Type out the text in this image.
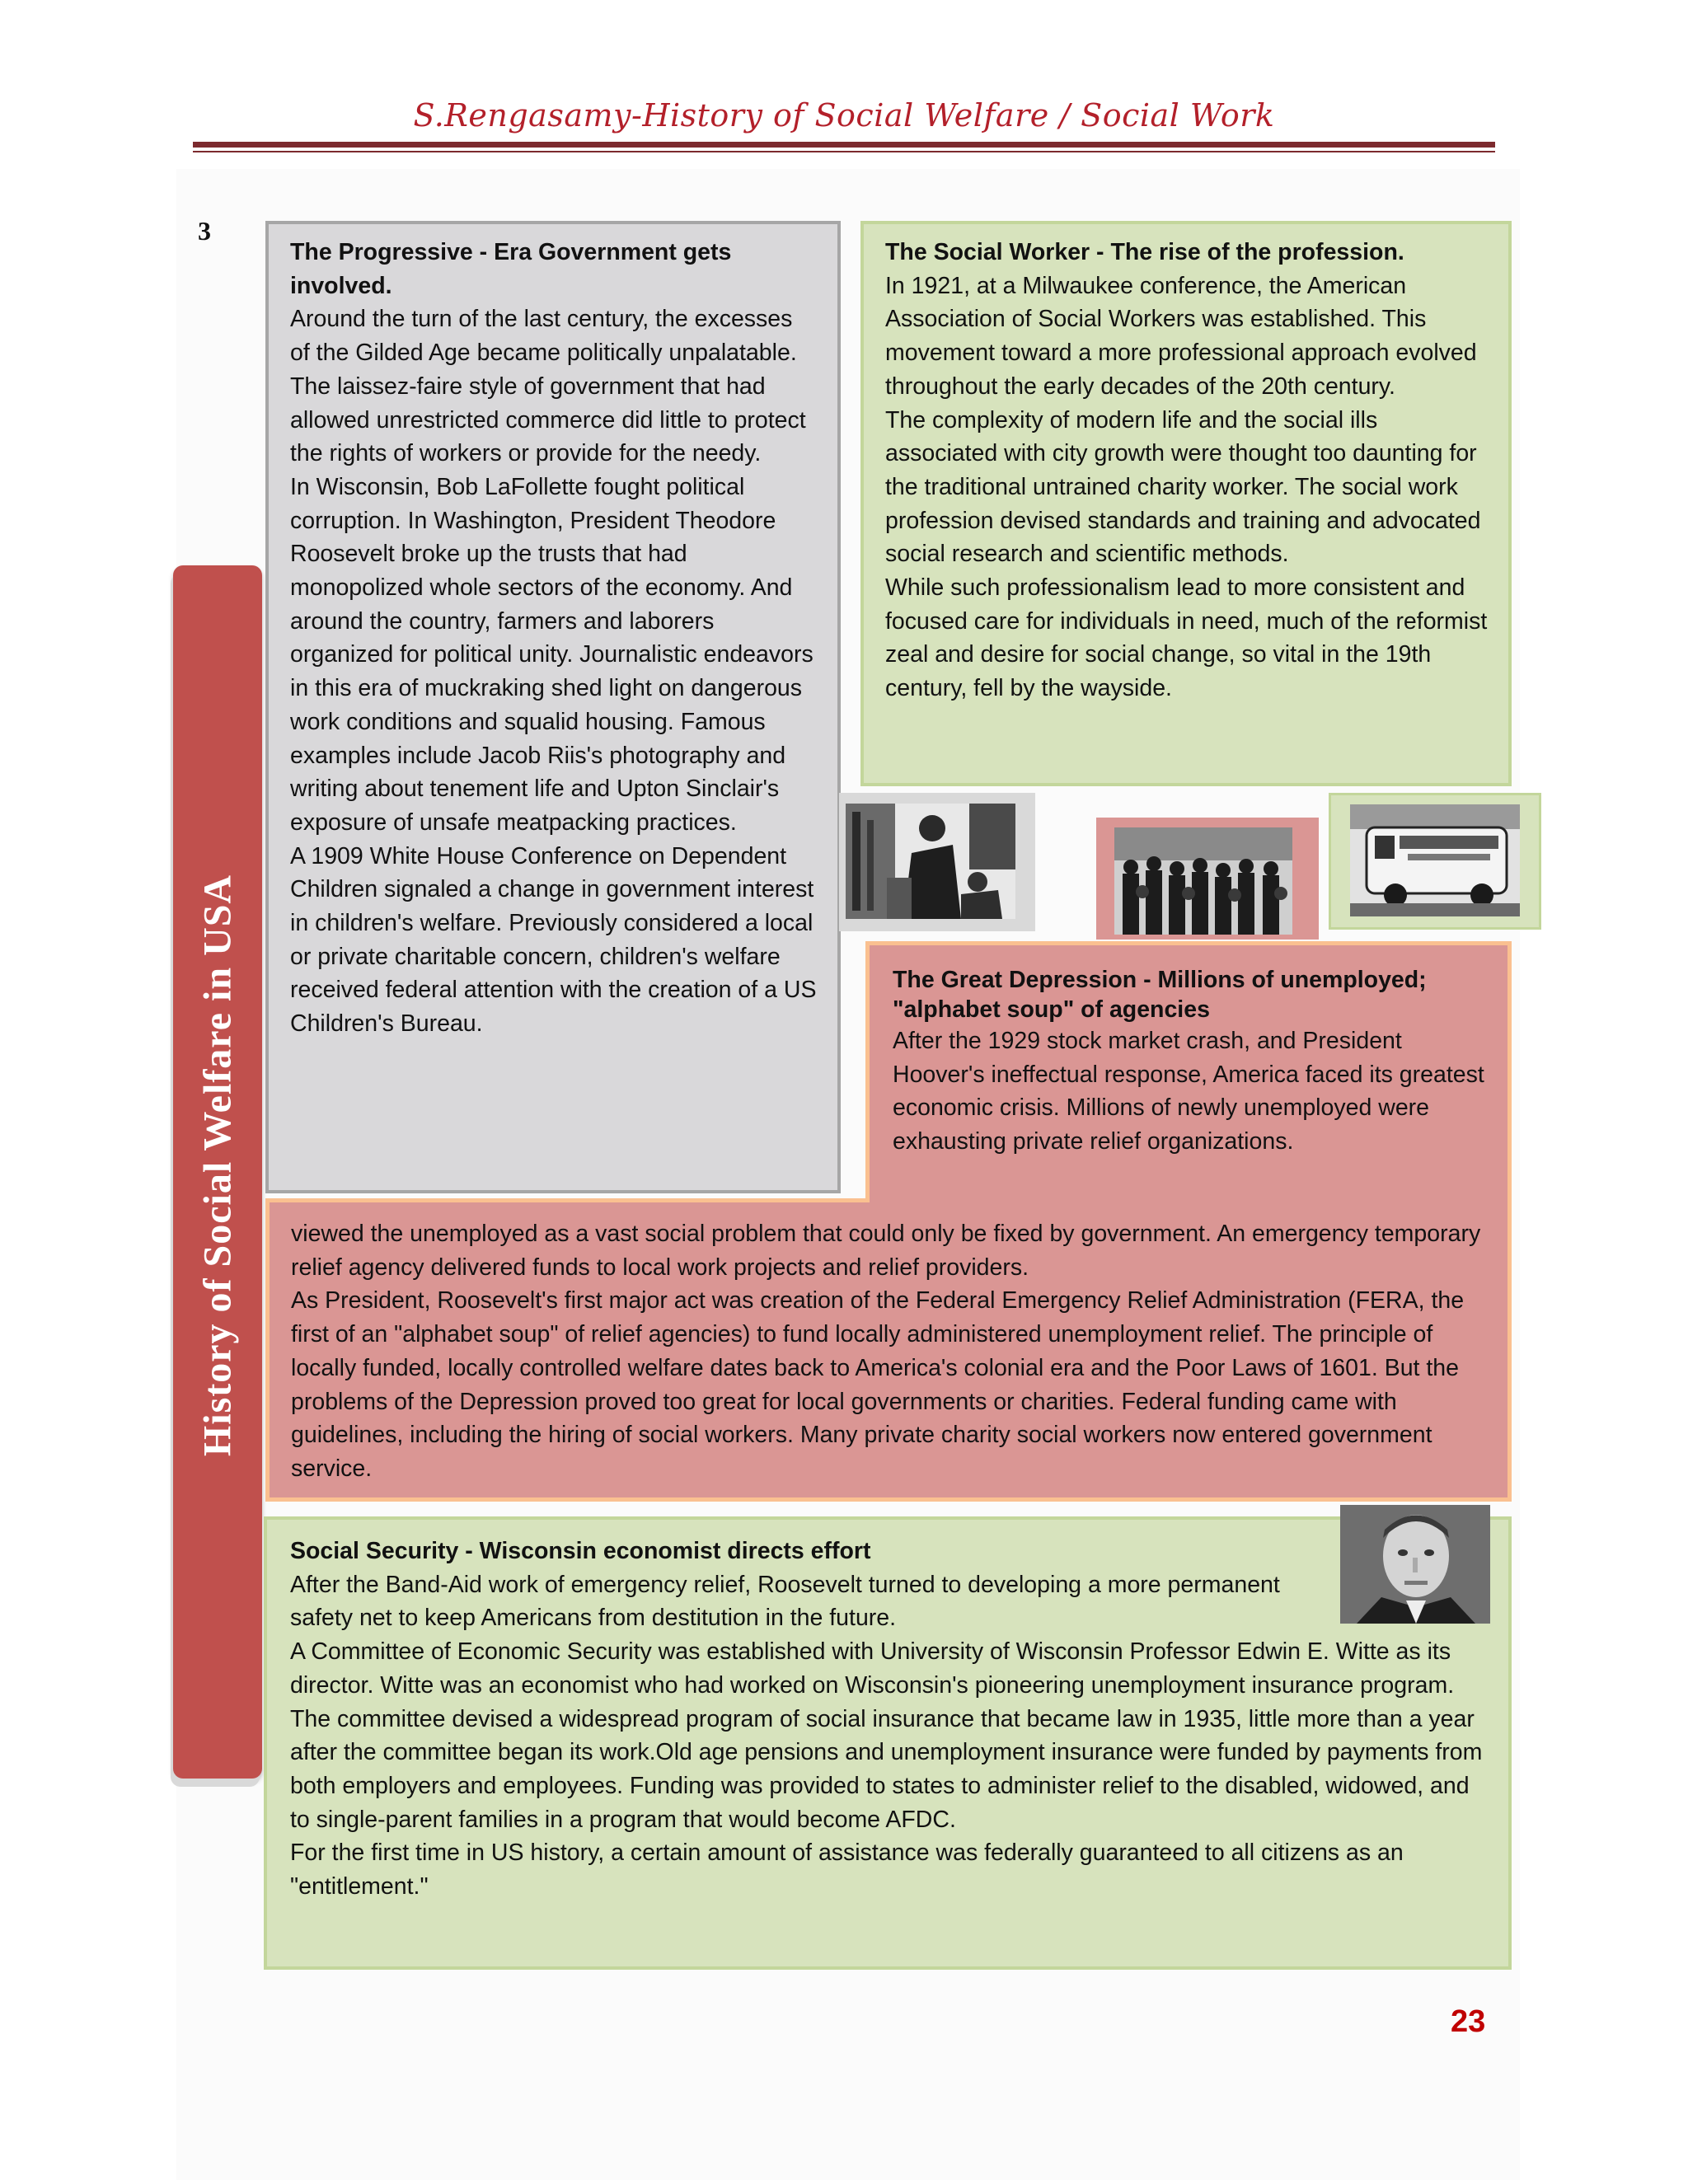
S.Rengasamy-History of Social Welfare / Social Work
3
History of Social Welfare in USA

The Progressive - Era Government gets involved.

Around the turn of the last century, the excesses of the Gilded Age became politically unpalatable. The laissez-faire style of government that had allowed unrestricted commerce did little to protect the rights of workers or provide for the needy.

In Wisconsin, Bob LaFollette fought political corruption. In Washington, President Theodore Roosevelt broke up the trusts that had monopolized whole sectors of the economy. And around the country, farmers and laborers organized for political unity. Journalistic endeavors in this era of muckraking shed light on dangerous work conditions and squalid housing. Famous examples include Jacob Riis's photography and writing about tenement life and Upton Sinclair's exposure of unsafe meatpacking practices.

A 1909 White House Conference on Dependent Children signaled a change in government interest in children's welfare. Previously considered a local or private charitable concern, children's welfare received federal attention with the creation of a US Children's Bureau.

The Social Worker - The rise of the profession.

In 1921, at a Milwaukee conference, the American Association of Social Workers was established. This movement toward a more professional approach evolved throughout the early decades of the 20th century.

The complexity of modern life and the social ills associated with city growth were thought too daunting for the traditional untrained charity worker. The social work profession devised standards and training and advocated social research and scientific methods.

While such professionalism lead to more consistent and focused care for individuals in need, much of the reformist zeal and desire for social change, so vital in the 19th century, fell by the wayside.

The Great Depression - Millions of unemployed; "alphabet soup" of agencies

After the 1929 stock market crash, and President Hoover's ineffectual response, America faced its greatest economic crisis. Millions of newly unemployed were exhausting private relief organizations.

viewed the unemployed as a vast social problem that could only be fixed by government. An emergency temporary relief agency delivered funds to local work projects and relief providers.

As President, Roosevelt's first major act was creation of the Federal Emergency Relief Administration (FERA, the first of an "alphabet soup" of relief agencies) to fund locally administered unemployment relief. The principle of locally funded, locally controlled welfare dates back to America's colonial era and the Poor Laws of 1601. But the problems of the Depression proved too great for local governments or charities. Federal funding came with guidelines, including the hiring of social workers. Many private charity social workers now entered government service.

Social Security - Wisconsin economist directs effort

After the Band-Aid work of emergency relief, Roosevelt turned to developing a more permanent safety net to keep Americans from destitution in the future.

A Committee of Economic Security was established with University of Wisconsin Professor Edwin E. Witte as its director. Witte was an economist who had worked on Wisconsin's pioneering unemployment insurance program. The committee devised a widespread program of social insurance that became law in 1935, little more than a year after the committee began its work.Old age pensions and unemployment insurance were funded by payments from both employers and employees. Funding was provided to states to administer relief to the disabled, widowed, and to single-parent families in a program that would become AFDC.

For the first time in US history, a certain amount of assistance was federally guaranteed to all citizens as an "entitlement."

23
